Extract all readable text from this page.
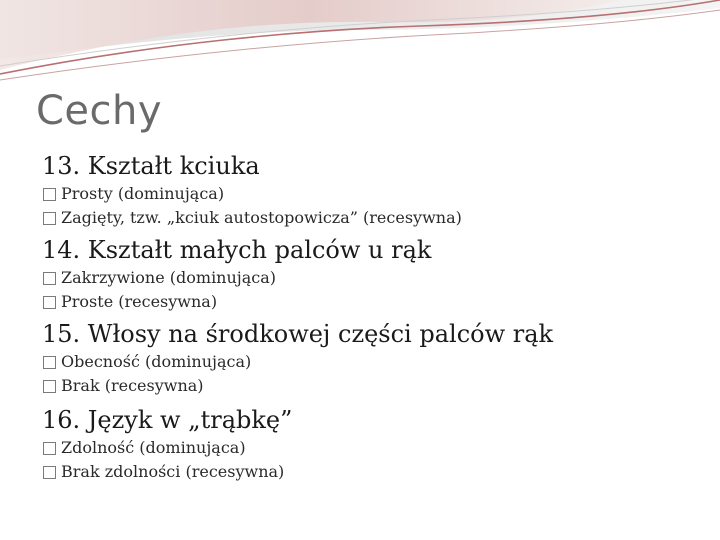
Cechy
13. Kształt kciuka
Prosty (dominująca)
Zagięty, tzw. „kciuk autostopowicza” (recesywna)
14. Kształt małych palców u rąk
Zakrzywione (dominująca)
Proste (recesywna)
15. Włosy na środkowej części palców rąk
Obecność (dominująca)
Brak (recesywna)
16. Język w „trąbkę”
Zdolność (dominująca)
Brak zdolności (recesywna)
